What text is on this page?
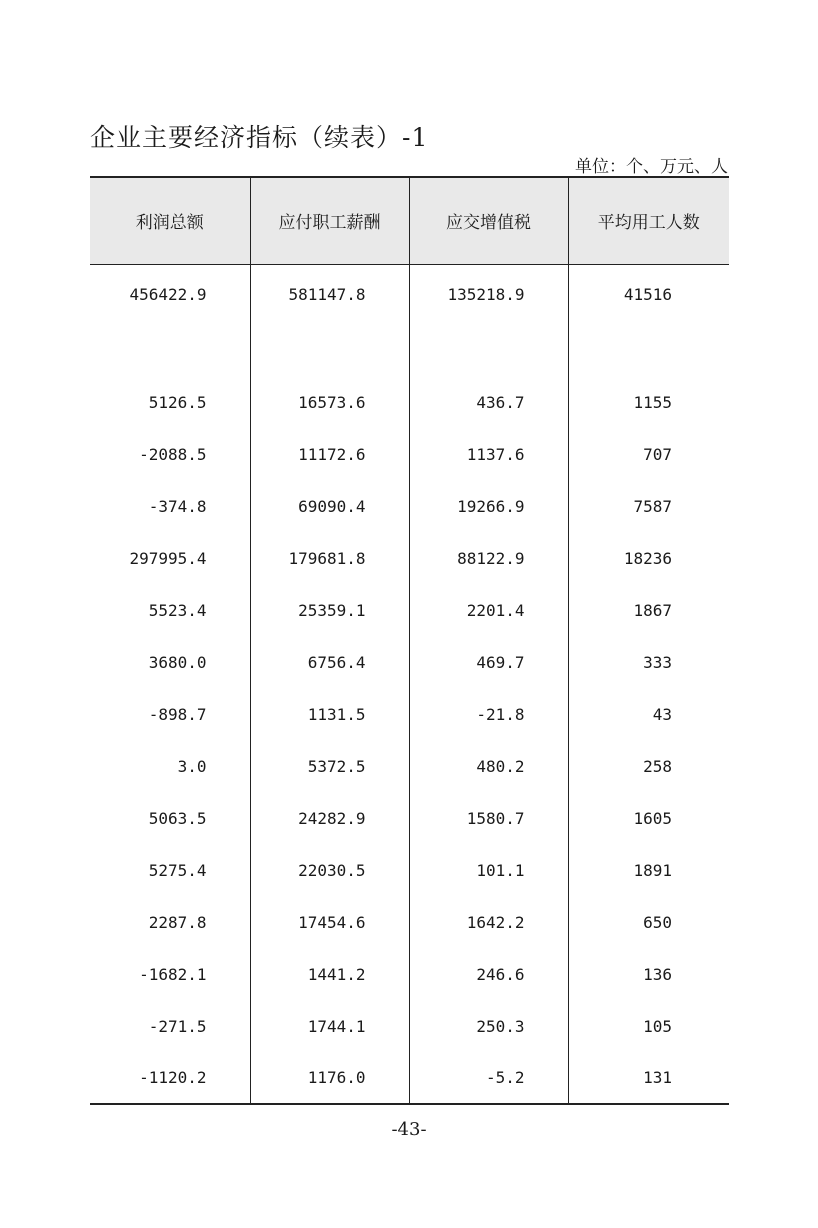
企业主要经济指标（续表）-1
单位：个、万元、人
利润总额	应付职工薪酬	应交增值税	平均用工人数
456422.9	581147.8	135218.9	41516

5126.5	16573.6	436.7	1155
-2088.5	11172.6	1137.6	707
-374.8	69090.4	19266.9	7587
297995.4	179681.8	88122.9	18236
5523.4	25359.1	2201.4	1867
3680.0	6756.4	469.7	333
-898.7	1131.5	-21.8	43
3.0	5372.5	480.2	258
5063.5	24282.9	1580.7	1605
5275.4	22030.5	101.1	1891
2287.8	17454.6	1642.2	650
-1682.1	1441.2	246.6	136
-271.5	1744.1	250.3	105
-1120.2	1176.0	-5.2	131
-43-
